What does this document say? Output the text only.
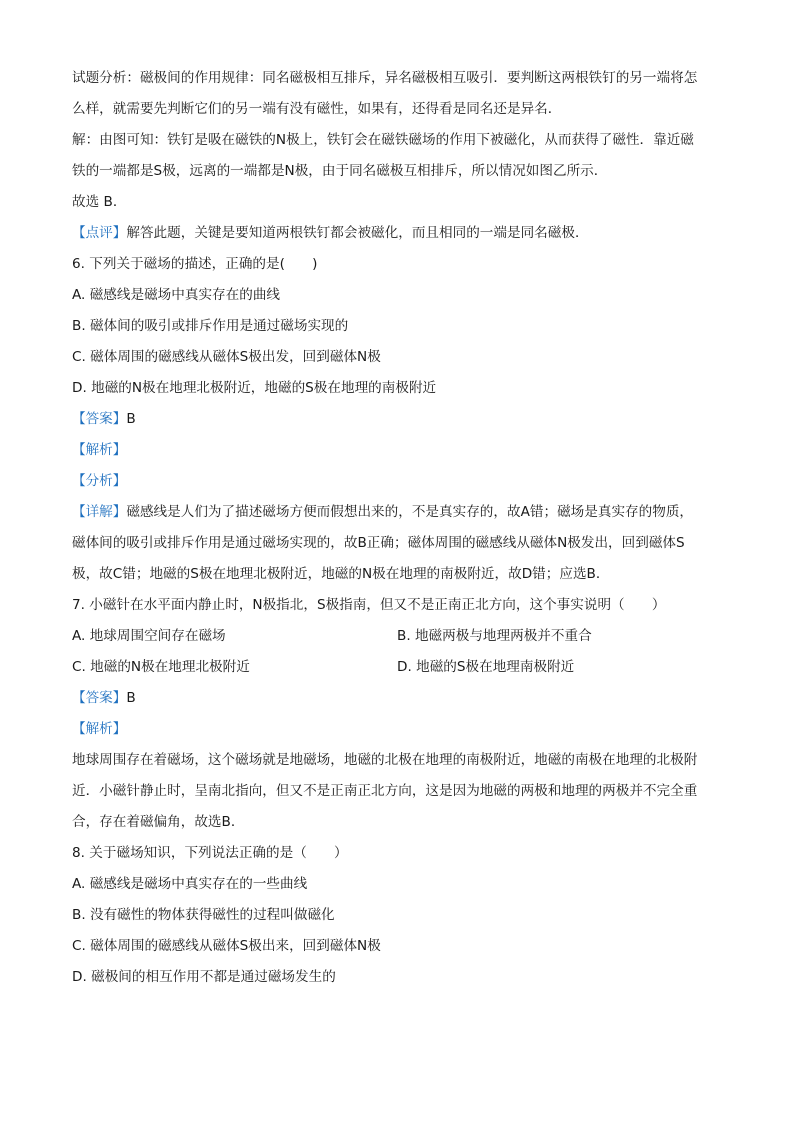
试题分析：磁极间的作用规律：同名磁极相互排斥，异名磁极相互吸引．要判断这两根铁钉的另一端将怎
么样，就需要先判断它们的另一端有没有磁性，如果有，还得看是同名还是异名．
解：由图可知：铁钉是吸在磁铁的N极上，铁钉会在磁铁磁场的作用下被磁化，从而获得了磁性．靠近磁
铁的一端都是S极，远离的一端都是N极，由于同名磁极互相排斥，所以情况如图乙所示．
故选 B．
【点评】解答此题，关键是要知道两根铁钉都会被磁化，而且相同的一端是同名磁极．
6. 下列关于磁场的描述，正确的是(　　)
A. 磁感线是磁场中真实存在的曲线
B. 磁体间的吸引或排斥作用是通过磁场实现的
C. 磁体周围的磁感线从磁体S极出发，回到磁体N极
D. 地磁的N极在地理北极附近，地磁的S极在地理的南极附近
【答案】B
【解析】
【分析】
【详解】磁感线是人们为了描述磁场方便而假想出来的，不是真实存的，故A错；磁场是真实存的物质，
磁体间的吸引或排斥作用是通过磁场实现的，故B正确；磁体周围的磁感线从磁体N极发出，回到磁体S
极，故C错；地磁的S极在地理北极附近，地磁的N极在地理的南极附近，故D错；应选B．
7. 小磁针在水平面内静止时，N极指北，S极指南，但又不是正南正北方向，这个事实说明（　　）
A. 地球周围空间存在磁场	B. 地磁两极与地理两极并不重合
C. 地磁的N极在地理北极附近	D. 地磁的S极在地理南极附近
【答案】B
【解析】
地球周围存在着磁场，这个磁场就是地磁场，地磁的北极在地理的南极附近，地磁的南极在地理的北极附
近．小磁针静止时，呈南北指向，但又不是正南正北方向，这是因为地磁的两极和地理的两极并不完全重
合，存在着磁偏角，故选B．
8. 关于磁场知识，下列说法正确的是（　　）
A. 磁感线是磁场中真实存在的一些曲线
B. 没有磁性的物体获得磁性的过程叫做磁化
C. 磁体周围的磁感线从磁体S极出来，回到磁体N极
D. 磁极间的相互作用不都是通过磁场发生的
